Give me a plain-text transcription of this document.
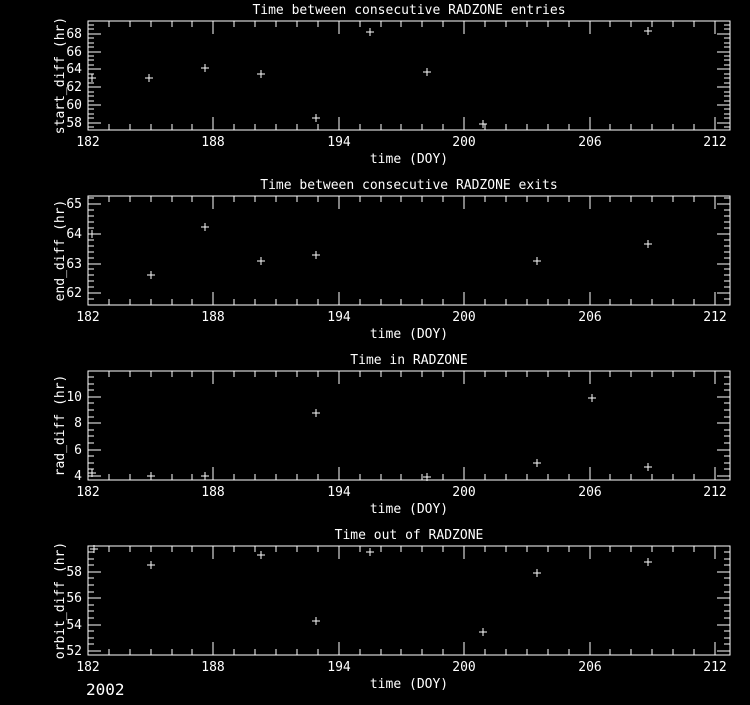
182	188	194	200	206	212
58
60
62
64
66
68
Time between consecutive RADZONE entries
time (DOY)
start_diff (hr)
182	188	194	200	206	212
62
63
64
65
Time between consecutive RADZONE exits
time (DOY)
end_diff (hr)
182	188	194	200	206	212
4
6
8
10
Time in RADZONE
time (DOY)
rad_diff (hr)
182	188	194	200	206	212
52
54
56
58
Time out of RADZONE
time (DOY)
orbit_diff (hr)
2002
